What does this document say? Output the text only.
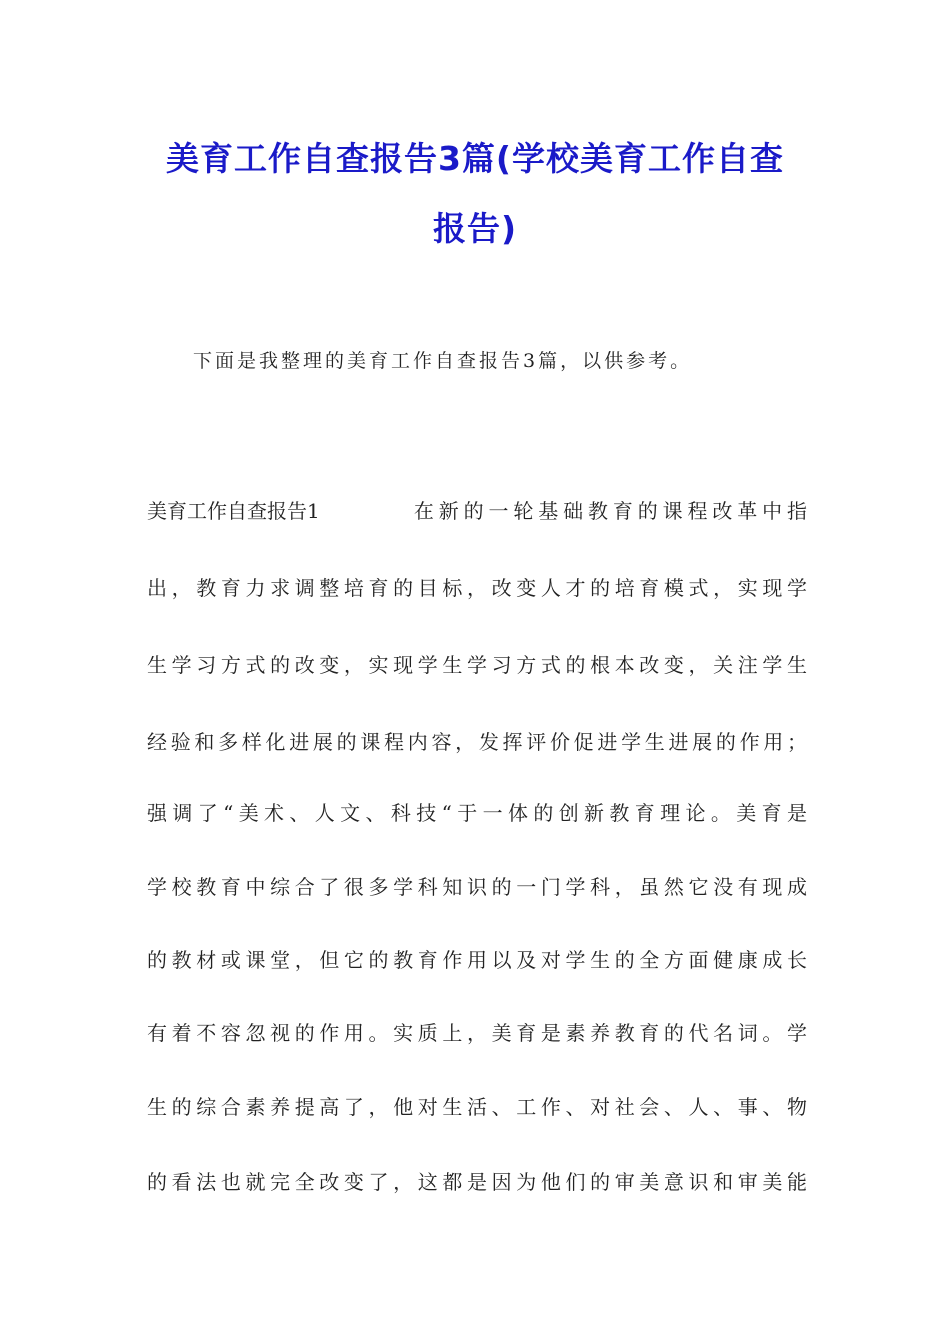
美育工作自查报告3篇(学校美育工作自查
报告)
下面是我整理的美育工作自查报告3篇，以供参考。
美育工作自查报告1	在新的一轮基础教育的课程改革中指
出，教育力求调整培育的目标，改变人才的培育模式，实现学
生学习方式的改变，实现学生学习方式的根本改变，关注学生
经验和多样化进展的课程内容，发挥评价促进学生进展的作用；
强调了“美术、人文、科技“于一体的创新教育理论。美育是
学校教育中综合了很多学科知识的一门学科，虽然它没有现成
的教材或课堂，但它的教育作用以及对学生的全方面健康成长
有着不容忽视的作用。实质上，美育是素养教育的代名词。学
生的综合素养提高了，他对生活、工作、对社会、人、事、物
的看法也就完全改变了，这都是因为他们的审美意识和审美能
